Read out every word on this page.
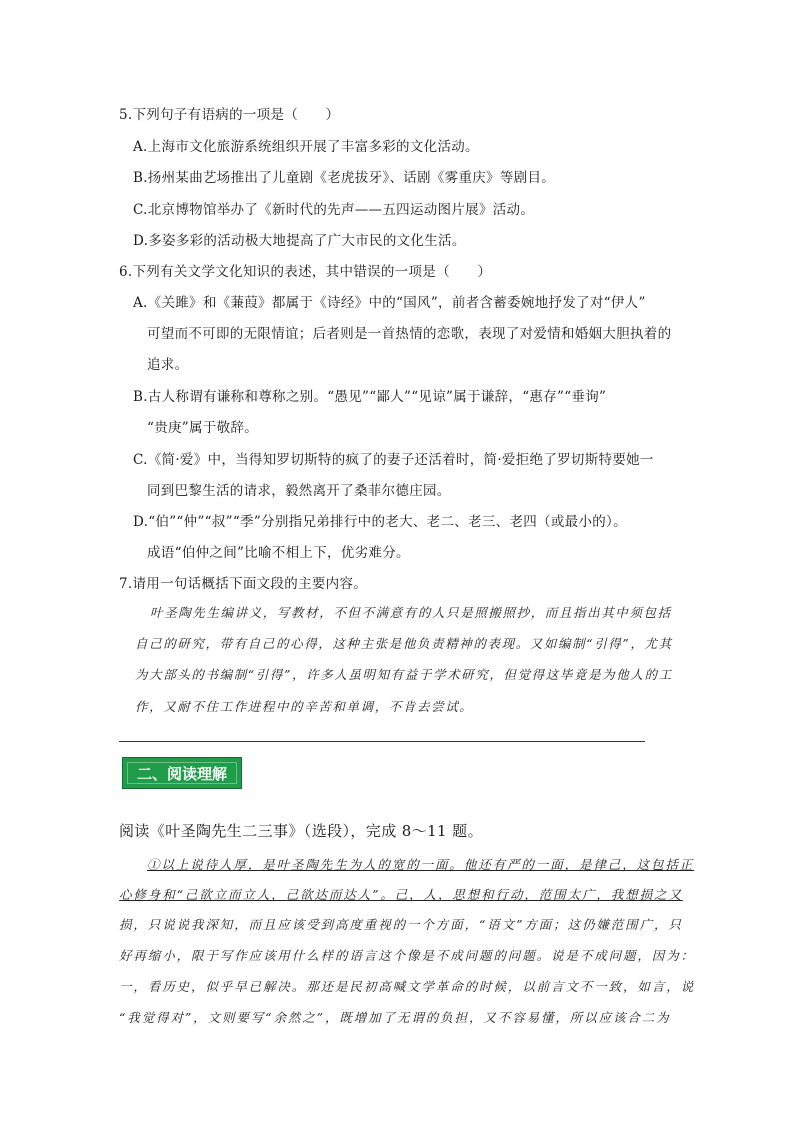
5.下列句子有语病的一项是（　　）
A.上海市文化旅游系统组织开展了丰富多彩的文化活动。
B.扬州某曲艺场推出了儿童剧《老虎拔牙》、话剧《雾重庆》等剧目。
C.北京博物馆举办了《新时代的先声——五四运动图片展》活动。
D.多姿多彩的活动极大地提高了广大市民的文化生活。
6.下列有关文学文化知识的表述，其中错误的一项是（　　）
A.《关雎》和《蒹葭》都属于《诗经》中的“国风”，前者含蓄委婉地抒发了对“伊人”
可望而不可即的无限情谊；后者则是一首热情的恋歌，表现了对爱情和婚姻大胆执着的
追求。
B.古人称谓有谦称和尊称之别。“愚见”“鄙人”“见谅”属于谦辞，“惠存”“垂询”
“贵庚”属于敬辞。
C.《简·爱》中，当得知罗切斯特的疯了的妻子还活着时，简·爱拒绝了罗切斯特要她一
同到巴黎生活的请求，毅然离开了桑菲尔德庄园。
D.“伯”“仲”“叔”“季”分别指兄弟排行中的老大、老二、老三、老四（或最小的）。
成语“伯仲之间”比喻不相上下，优劣难分。
7.请用一句话概括下面文段的主要内容。
叶圣陶先生编讲义，写教材，不但不满意有的人只是照搬照抄，而且指出其中须包括
自己的研究，带有自己的心得，这种主张是他负责精神的表现。又如编制“引得”，尤其
为大部头的书编制“引得”，许多人虽明知有益于学术研究，但觉得这毕竟是为他人的工
作，又耐不住工作进程中的辛苦和单调，不肯去尝试。
二、阅读理解
阅读《叶圣陶先生二三事》（选段），完成 8～11 题。
①以上说待人厚，是叶圣陶先生为人的宽的一面。他还有严的一面，是律己，这包括正
心修身和“己欲立而立人，己欲达而达人”。己，人，思想和行动，范围太广，我想损之又
损，只说说我深知，而且应该受到高度重视的一个方面，“语文”方面；这仍嫌范围广，只
好再缩小，限于写作应该用什么样的语言这个像是不成问题的问题。说是不成问题，因为：
一，看历史，似乎早已解决。那还是民初高喊文学革命的时候，以前言文不一致，如言，说
“我觉得对”，文则要写“余然之”，既增加了无谓的负担，又不容易懂，所以应该合二为
